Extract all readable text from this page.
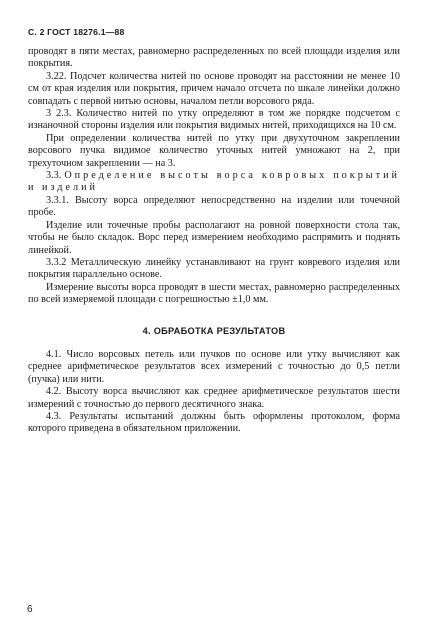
С. 2 ГОСТ 18276.1—88

проводят в пяти местах, равномерно распределенных по всей площади изделия или покрытия.

3.22. Подсчет количества нитей по основе проводят на расстоянии не менее 10 см от края изделия или покрытия, причем начало отсчета по шкале линейки должно совпадать с первой нитью основы, началом петли ворсового ряда.

3 2.3. Количество нитей по утку определяют в том же порядке подсчетом с изнаночной стороны изделия или покрытия видимых нитей, приходящихся на 10 см.

При определении количества нитей по утку при двухуточном закреплении ворсового пучка видимое количество уточных нитей умножают на 2, при трехуточном закреплении — на 3.

3.3. Определение высоты ворса ковровых покрытий и изделий

3.3.1. Высоту ворса определяют непосредственно на изделии или точечной пробе.

Изделие или точечные пробы располагают на ровной поверхности стола так, чтобы не было складок. Ворс перед измерением необходимо распрямить и поднять линейкой.

3.3.2 Металлическую линейку устанавливают на грунт ковревого изделия или покрытия параллельно основе.

Измерение высоты ворса проводят в шести местах, равномерно распределенных по всей измеряемой площади с погрешностью ±1,0 мм.

4. ОБРАБОТКА РЕЗУЛЬТАТОВ

4.1. Число ворсовых петель или пучков по основе или утку вычисляют как среднее арифметическое результатов всех измерений с точностью до 0,5 петли (пучка) или нити.

4.2. Высоту ворса вычисляют как среднее арифметическое результатов шести измерений с точностью до первого десятичного знака.

4.3. Результаты испытаний должны быть оформлены протоколом, форма которого приведена в обязательном приложении.

6
